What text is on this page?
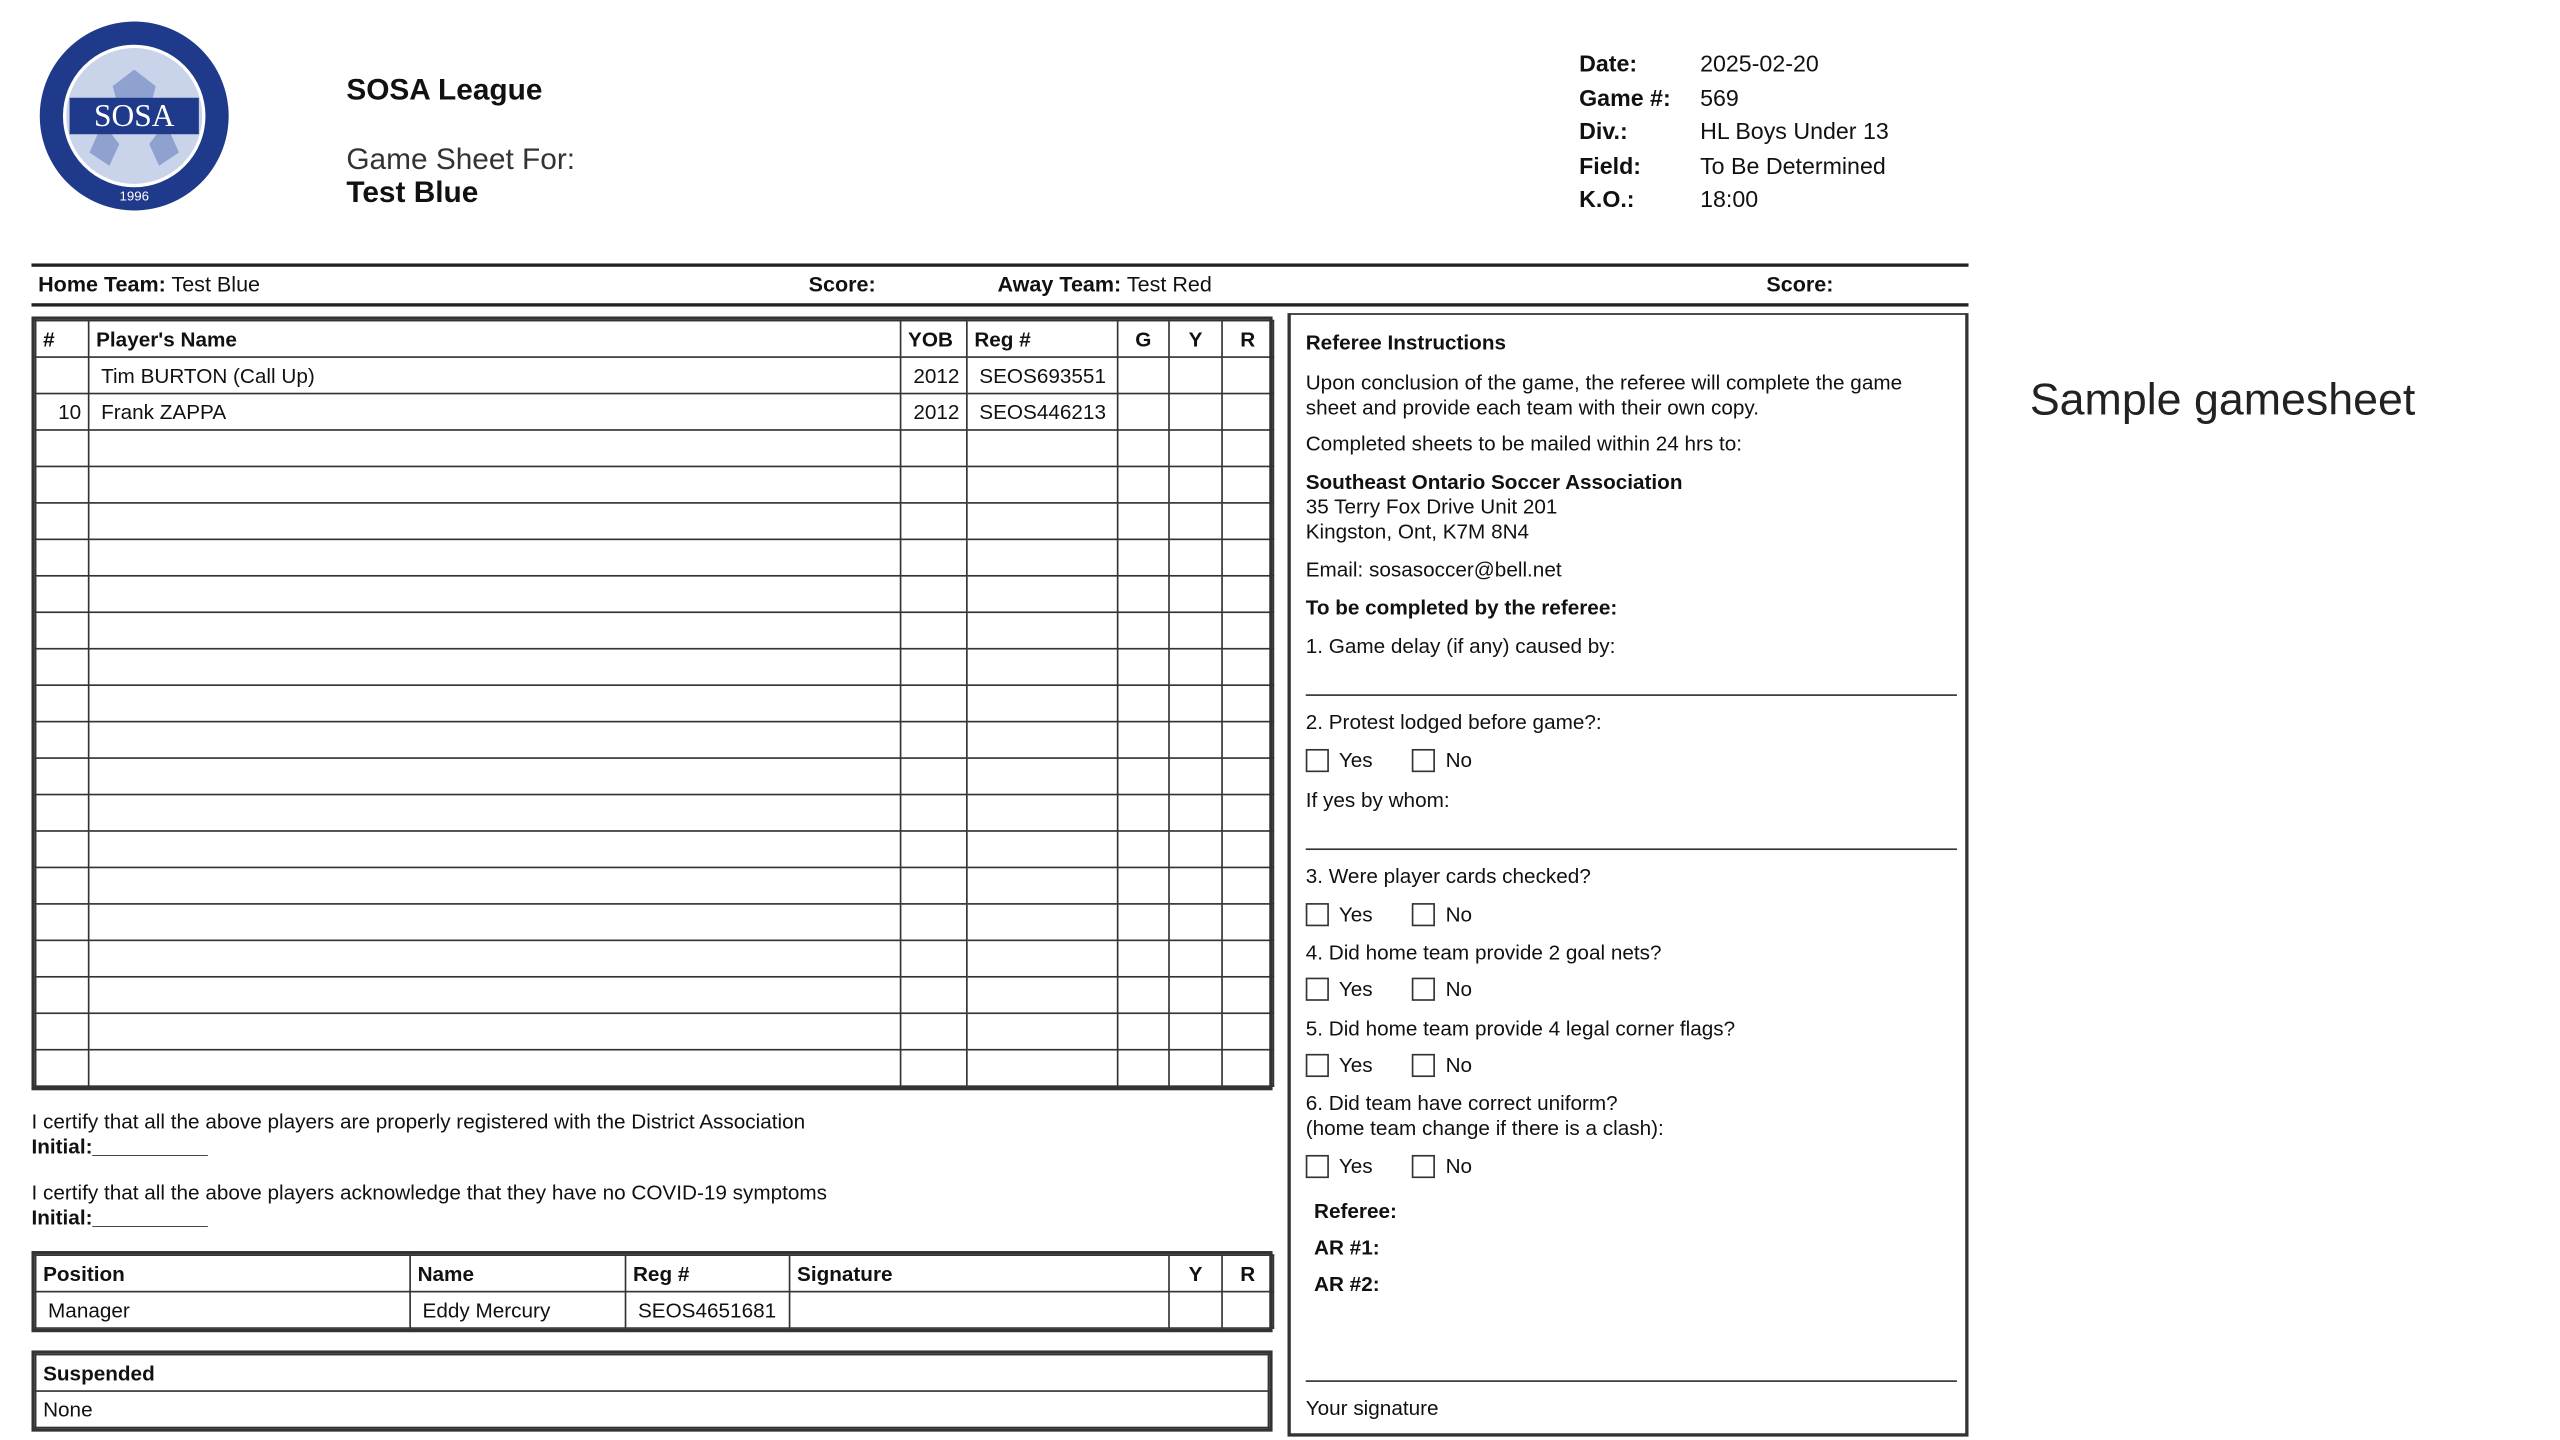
SOSA
1996
SOSA League
Game Sheet For:
Test Blue
Date:	2025-02-20
Game #:	569
Div.:	HL Boys Under 13
Field:	To Be Determined
K.O.:	18:00
Sample gamesheet
Home Team: Test Blue	Score:	Away Team: Test Red	Score:
#	Player's Name	YOB	Reg #	G	Y	R
	Tim BURTON (Call Up)	2012	SEOS693551			
10	Frank ZAPPA	2012	SEOS446213			

I certify that all the above players are properly registered with the District Association
Initial:__________
I certify that all the above players acknowledge that they have no COVID-19 symptoms
Initial:__________
Position	Name	Reg #	Signature	Y	R
Manager	Eddy Mercury	SEOS4651681			
Suspended
None
Referee Instructions
Upon conclusion of the game, the referee will complete the game sheet and provide each team with their own copy.
Completed sheets to be mailed within 24 hrs to:
Southeast Ontario Soccer Association
35 Terry Fox Drive Unit 201
Kingston, Ont, K7M 8N4
Email: sosasoccer@bell.net
To be completed by the referee:
1. Game delay (if any) caused by:
2. Protest lodged before game?:
Yes	No
If yes by whom:
3. Were player cards checked?
Yes	No
4. Did home team provide 2 goal nets?
Yes	No
5. Did home team provide 4 legal corner flags?
Yes	No
6. Did team have correct uniform?
(home team change if there is a clash):
Yes	No
Referee:
AR #1:
AR #2:
Your signature
